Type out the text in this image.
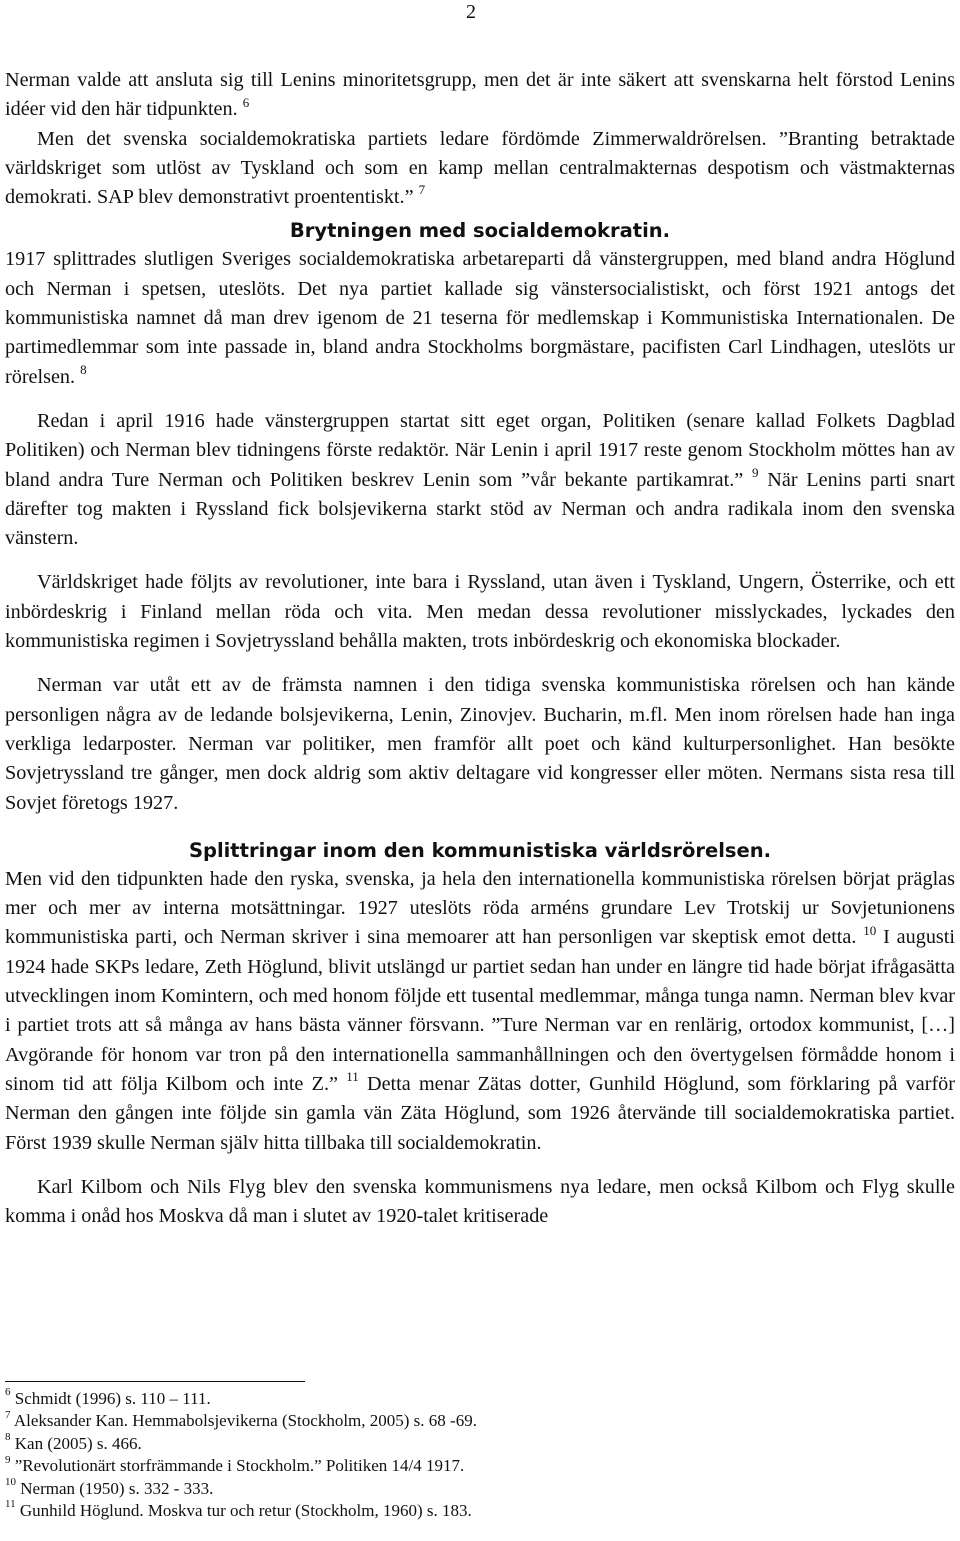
2

Nerman valde att ansluta sig till Lenins minoritetsgrupp, men det är inte säkert att svenskarna helt förstod Lenins idéer vid den här tidpunkten. $^6$

Men det svenska socialdemokratiska partiets ledare fördömde Zimmerwaldrörelsen. ”Branting betraktade världskriget som utlöst av Tyskland och som en kamp mellan centralmakternas despotism och västmakternas demokrati. SAP blev demonstrativt proententiskt.” $^7$

Brytningen med socialdemokratin.

1917 splittrades slutligen Sveriges socialdemokratiska arbetareparti då vänstergruppen, med bland andra Höglund och Nerman i spetsen, uteslöts. Det nya partiet kallade sig vänstersocialistiskt, och först 1921 antogs det kommunistiska namnet då man drev igenom de 21 teserna för medlemskap i Kommunistiska Internationalen. De partimedlemmar som inte passade in, bland andra Stockholms borgmästare, pacifisten Carl Lindhagen, uteslöts ur rörelsen. $^8$

Redan i april 1916 hade vänstergruppen startat sitt eget organ, Politiken (senare kallad Folkets Dagblad Politiken) och Nerman blev tidningens förste redaktör. När Lenin i april 1917 reste genom Stockholm möttes han av bland andra Ture Nerman och Politiken beskrev Lenin som ”vår bekante partikamrat.” $^9$ När Lenins parti snart därefter tog makten i Ryssland fick bolsjevikerna starkt stöd av Nerman och andra radikala inom den svenska vänstern.

Världskriget hade följts av revolutioner, inte bara i Ryssland, utan även i Tyskland, Ungern, Österrike, och ett inbördeskrig i Finland mellan röda och vita. Men medan dessa revolutioner misslyckades, lyckades den kommunistiska regimen i Sovjetryssland behålla makten, trots inbördeskrig och ekonomiska blockader.

Nerman var utåt ett av de främsta namnen i den tidiga svenska kommunistiska rörelsen och han kände personligen några av de ledande bolsjevikerna, Lenin, Zinovjev. Bucharin, m.fl. Men inom rörelsen hade han inga verkliga ledarposter. Nerman var politiker, men framför allt poet och känd kulturpersonlighet. Han besökte Sovjetryssland tre gånger, men dock aldrig som aktiv deltagare vid kongresser eller möten. Nermans sista resa till Sovjet företogs 1927.

Splittringar inom den kommunistiska världsrörelsen.

Men vid den tidpunkten hade den ryska, svenska, ja hela den internationella kommunistiska rörelsen börjat präglas mer och mer av interna motsättningar. 1927 uteslöts röda arméns grundare Lev Trotskij ur Sovjetunionens kommunistiska parti, och Nerman skriver i sina memoarer att han personligen var skeptisk emot detta. $^{10}$ I augusti 1924 hade SKPs ledare, Zeth Höglund, blivit utslängd ur partiet sedan han under en längre tid hade börjat ifrågasätta utvecklingen inom Komintern, och med honom följde ett tusental medlemmar, många tunga namn. Nerman blev kvar i partiet trots att så många av hans bästa vänner försvann. ”Ture Nerman var en renlärig, ortodox kommunist, […] Avgörande för honom var tron på den internationella sammanhållningen och den övertygelsen förmådde honom i sinom tid att följa Kilbom och inte Z.” $^{11}$ Detta menar Zätas dotter, Gunhild Höglund, som förklaring på varför Nerman den gången inte följde sin gamla vän Zäta Höglund, som 1926 återvände till socialdemokratiska partiet. Först 1939 skulle Nerman själv hitta tillbaka till socialdemokratin.

Karl Kilbom och Nils Flyg blev den svenska kommunismens nya ledare, men också Kilbom och Flyg skulle komma i onåd hos Moskva då man i slutet av 1920-talet kritiserade

$^6$ Schmidt (1996) s. 110 – 111.
$^7$ Aleksander Kan. Hemmabolsjevikerna (Stockholm, 2005) s. 68 -69.
$^8$ Kan (2005) s. 466.
$^9$ ”Revolutionärt storfrämmande i Stockholm.” Politiken 14/4 1917.
$^{10}$ Nerman (1950) s. 332 - 333.
$^{11}$ Gunhild Höglund. Moskva tur och retur (Stockholm, 1960) s. 183.
